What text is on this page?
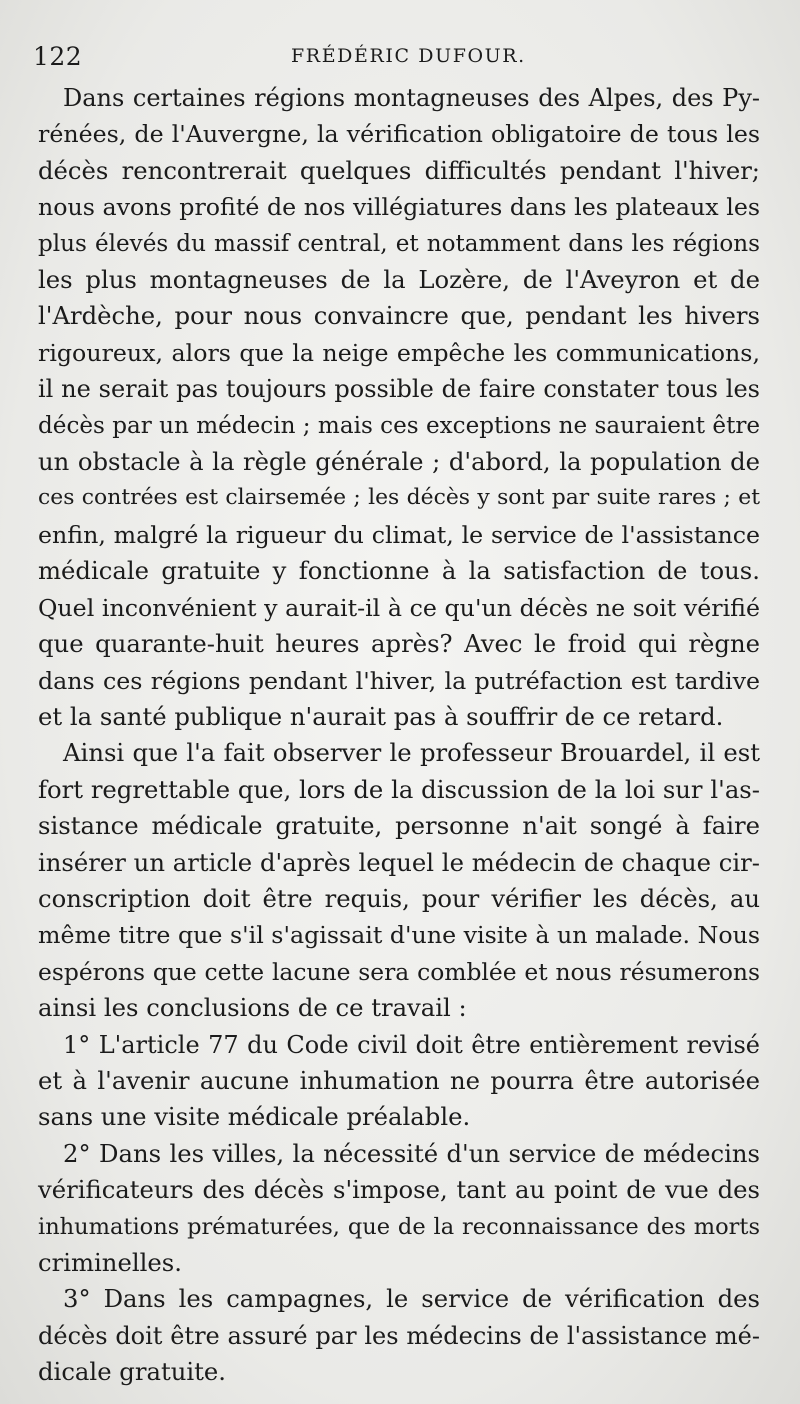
122	FRÉDÉRIC DUFOUR.
Dans certaines régions montagneuses des Alpes, des Py-
rénées, de l'Auvergne, la vérification obligatoire de tous les
décès rencontrerait quelques difficultés pendant l'hiver;
nous avons profité de nos villégiatures dans les plateaux les
plus élevés du massif central, et notamment dans les régions
les plus montagneuses de la Lozère, de l'Aveyron et de
l'Ardèche, pour nous convaincre que, pendant les hivers
rigoureux, alors que la neige empêche les communications,
il ne serait pas toujours possible de faire constater tous les
décès par un médecin ; mais ces exceptions ne sauraient être
un obstacle à la règle générale ; d'abord, la population de
ces contrées est clairsemée ; les décès y sont par suite rares ; et
enfin, malgré la rigueur du climat, le service de l'assistance
médicale gratuite y fonctionne à la satisfaction de tous.
Quel inconvénient y aurait-il à ce qu'un décès ne soit vérifié
que quarante-huit heures après? Avec le froid qui règne
dans ces régions pendant l'hiver, la putréfaction est tardive
et la santé publique n'aurait pas à souffrir de ce retard.
Ainsi que l'a fait observer le professeur Brouardel, il est
fort regrettable que, lors de la discussion de la loi sur l'as-
sistance médicale gratuite, personne n'ait songé à faire
insérer un article d'après lequel le médecin de chaque cir-
conscription doit être requis, pour vérifier les décès, au
même titre que s'il s'agissait d'une visite à un malade. Nous
espérons que cette lacune sera comblée et nous résumerons
ainsi les conclusions de ce travail :
1° L'article 77 du Code civil doit être entièrement revisé
et à l'avenir aucune inhumation ne pourra être autorisée
sans une visite médicale préalable.
2° Dans les villes, la nécessité d'un service de médecins
vérificateurs des décès s'impose, tant au point de vue des
inhumations prématurées, que de la reconnaissance des morts
criminelles.
3° Dans les campagnes, le service de vérification des
décès doit être assuré par les médecins de l'assistance mé-
dicale gratuite.
